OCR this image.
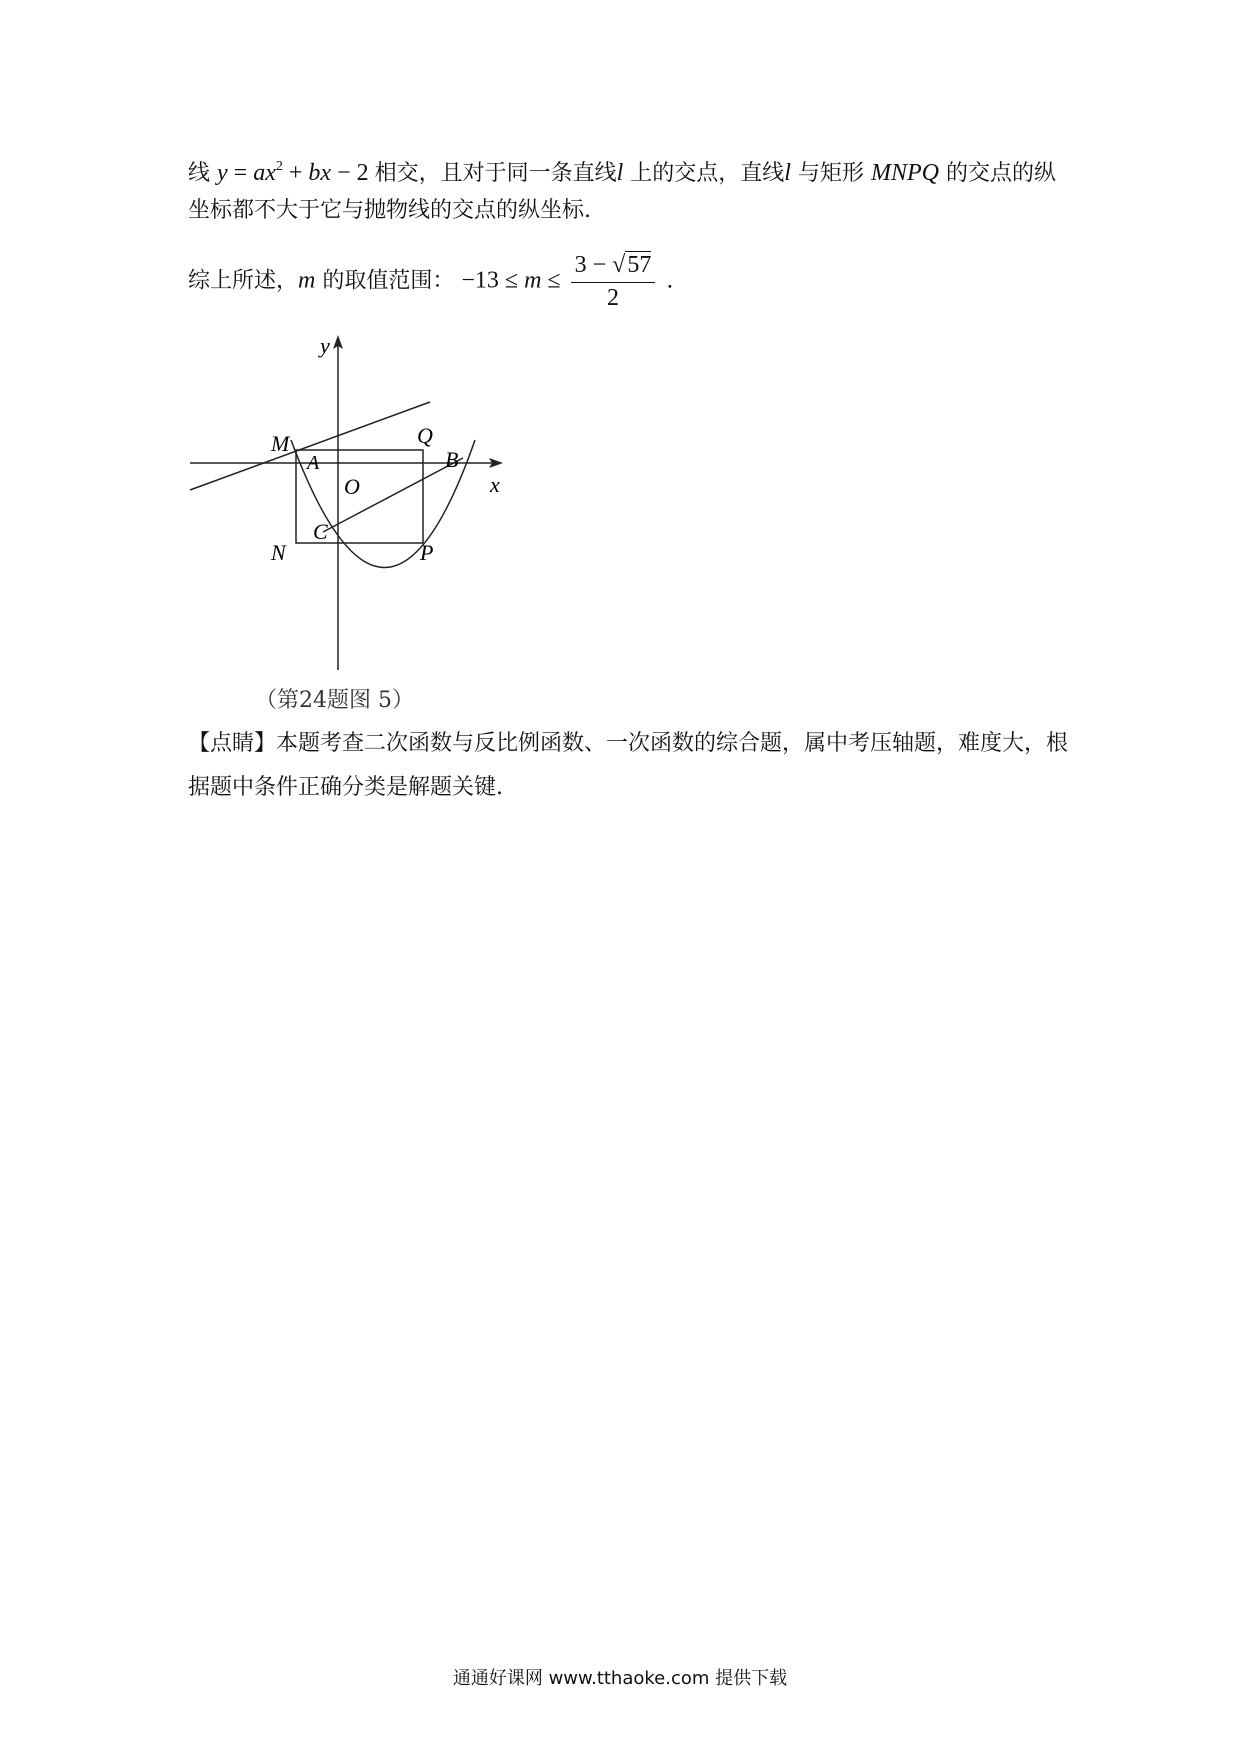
线 $y = ax^2$ + bx − 2 相交，且对于同一条直线l 上的交点，直线l 与矩形 MNPQ 的交点的纵
坐标都不大于它与抛物线的交点的纵坐标.
综上所述，m 的取值范围： $-13 \le m \le \frac{3 - √57}{2}$ .
y
x
M
A
O
Q
B
C
N	P
（第24题图 5）
【点睛】本题考查二次函数与反比例函数、一次函数的综合题，属中考压轴题，难度大，根
据题中条件正确分类是解题关键.
通通好课网 www.tthaoke.com 提供下载
